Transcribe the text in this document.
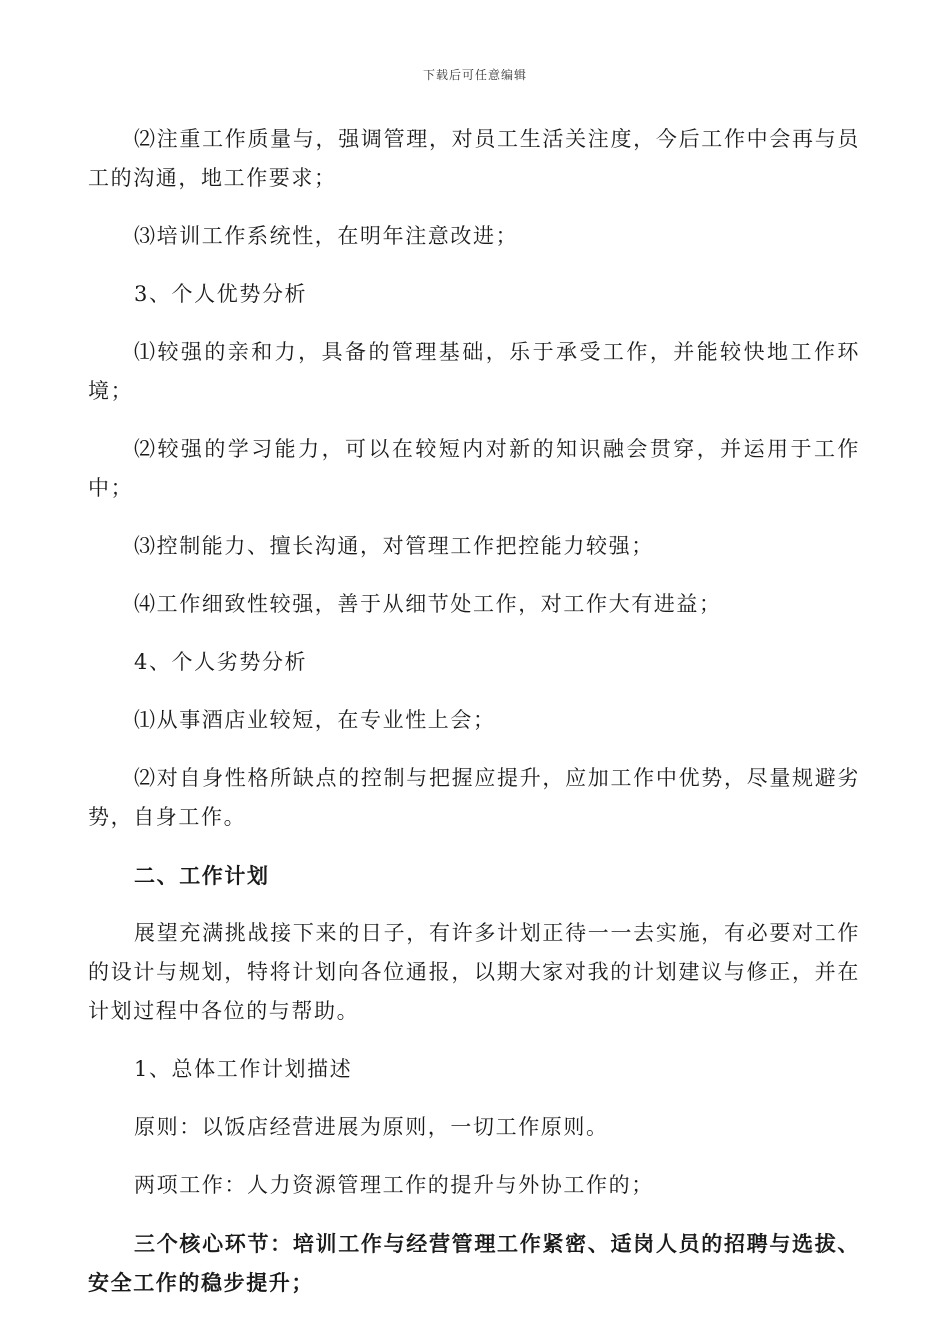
下载后可任意编辑

⑵注重工作质量与，强调管理，对员工生活关注度，今后工作中会再与员工的沟通，地工作要求；

⑶培训工作系统性，在明年注意改进；

3、个人优势分析

⑴较强的亲和力，具备的管理基础，乐于承受工作，并能较快地工作环境；

⑵较强的学习能力，可以在较短内对新的知识融会贯穿，并运用于工作中；

⑶控制能力、擅长沟通，对管理工作把控能力较强；

⑷工作细致性较强，善于从细节处工作，对工作大有进益；

4、个人劣势分析

⑴从事酒店业较短，在专业性上会；

⑵对自身性格所缺点的控制与把握应提升，应加工作中优势，尽量规避劣势，自身工作。

二、工作计划

展望充满挑战接下来的日子，有许多计划正待一一去实施，有必要对工作的设计与规划，特将计划向各位通报，以期大家对我的计划建议与修正，并在计划过程中各位的与帮助。

1、总体工作计划描述

原则：以饭店经营进展为原则，一切工作原则。

两项工作：人力资源管理工作的提升与外协工作的；

三个核心环节：培训工作与经营管理工作紧密、适岗人员的招聘与选拔、安全工作的稳步提升；
